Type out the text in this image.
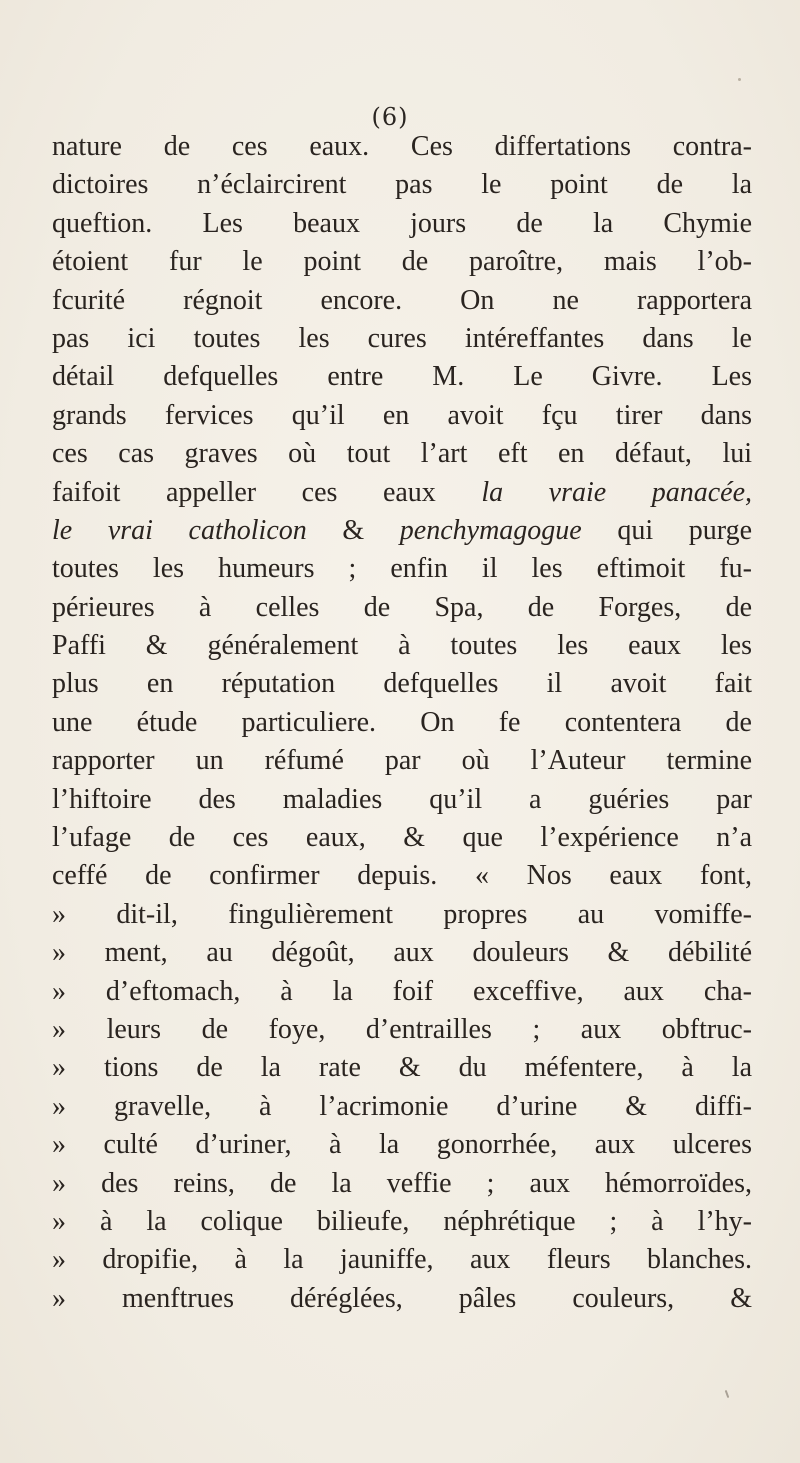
(6)
nature de ces eaux. Ces differtations contra-
dictoires n’éclaircirent pas le point de la
queftion. Les beaux jours de la Chymie
étoient fur le point de paroître, mais l’ob-
fcurité régnoit encore. On ne rapportera
pas ici toutes les cures intéreffantes dans le
détail defquelles entre M. Le Givre. Les
grands fervices qu’il en avoit fçu tirer dans
ces cas graves où tout l’art eft en défaut, lui
faifoit appeller ces eaux la vraie panacée,
le vrai catholicon & penchymagogue qui purge
toutes les humeurs ; enfin il les eftimoit fu-
périeures à celles de Spa, de Forges, de
Paffi & généralement à toutes les eaux les
plus en réputation defquelles il avoit fait
une étude particuliere. On fe contentera de
rapporter un réfumé par où l’Auteur termine
l’hiftoire des maladies qu’il a guéries par
l’ufage de ces eaux, & que l’expérience n’a
ceffé de confirmer depuis. « Nos eaux font,
» dit-il, fingulièrement propres au vomiffe-
» ment, au dégoût, aux douleurs & débilité
» d’eftomach, à la foif exceffive, aux cha-
» leurs de foye, d’entrailles ; aux obftruc-
» tions de la rate & du méfentere, à la
» gravelle, à l’acrimonie d’urine & diffi-
» culté d’uriner, à la gonorrhée, aux ulceres
» des reins, de la veffie ; aux hémorroïdes,
» à la colique bilieufe, néphrétique ; à l’hy-
» dropifie, à la jauniffe, aux fleurs blanches.
» menftrues déréglées, pâles couleurs, &
